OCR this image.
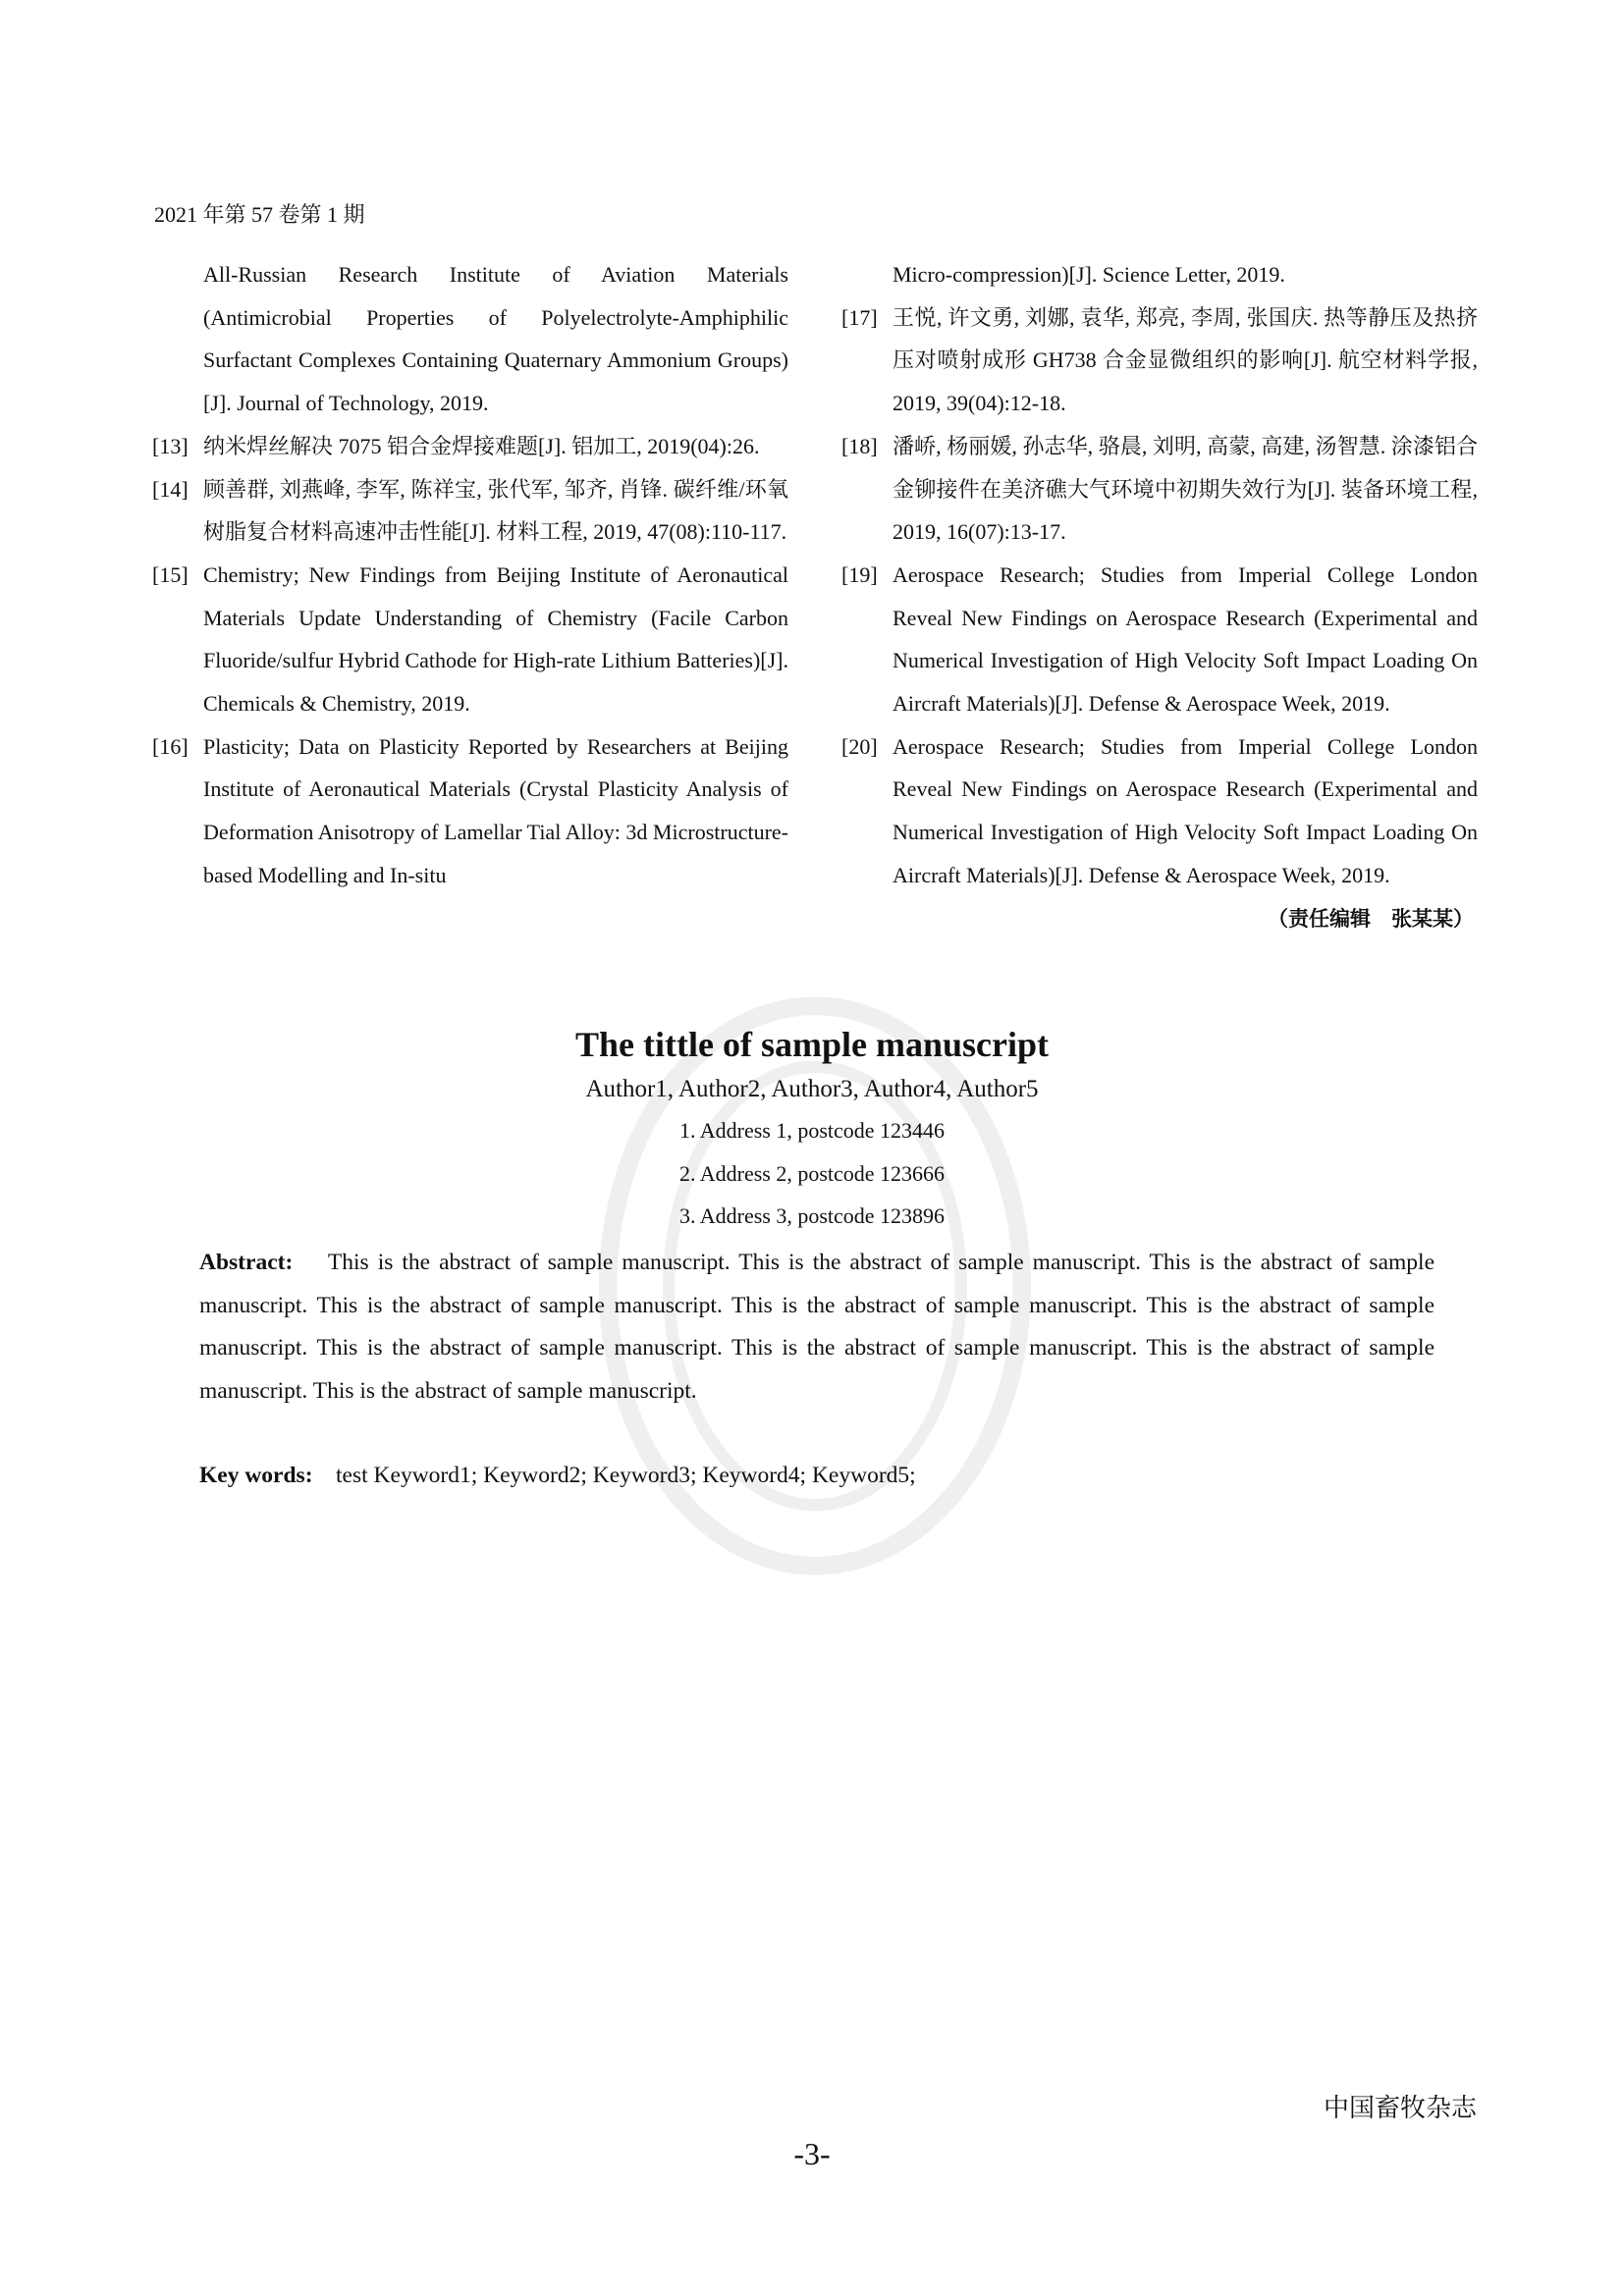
2021 年第 57 卷第 1 期
All-Russian Research Institute of Aviation Materials (Antimicrobial Properties of Polyelectrolyte-Amphiphilic Surfactant Complexes Containing Quaternary Ammonium Groups)[J]. Journal of Technology, 2019.
[13] 纳米焊丝解决 7075 铝合金焊接难题[J]. 铝加工, 2019(04):26.
[14] 顾善群, 刘燕峰, 李军, 陈祥宝, 张代军, 邹齐, 肖锋. 碳纤维/环氧树脂复合材料高速冲击性能[J]. 材料工程, 2019, 47(08):110-117.
[15] Chemistry; New Findings from Beijing Institute of Aeronautical Materials Update Understanding of Chemistry (Facile Carbon Fluoride/sulfur Hybrid Cathode for High-rate Lithium Batteries)[J]. Chemicals & Chemistry, 2019.
[16] Plasticity; Data on Plasticity Reported by Researchers at Beijing Institute of Aeronautical Materials (Crystal Plasticity Analysis of Deformation Anisotropy of Lamellar Tial Alloy: 3d Microstructure-based Modelling and In-situ
Micro-compression)[J]. Science Letter, 2019.
[17] 王悦, 许文勇, 刘娜, 袁华, 郑亮, 李周, 张国庆. 热等静压及热挤压对喷射成形 GH738 合金显微组织的影响[J]. 航空材料学报, 2019, 39(04):12-18.
[18] 潘峤, 杨丽媛, 孙志华, 骆晨, 刘明, 高蒙, 高建, 汤智慧. 涂漆铝合金铆接件在美济礁大气环境中初期失效行为[J]. 装备环境工程, 2019, 16(07):13-17.
[19] Aerospace Research; Studies from Imperial College London Reveal New Findings on Aerospace Research (Experimental and Numerical Investigation of High Velocity Soft Impact Loading On Aircraft Materials)[J]. Defense & Aerospace Week, 2019.
[20] Aerospace Research; Studies from Imperial College London Reveal New Findings on Aerospace Research (Experimental and Numerical Investigation of High Velocity Soft Impact Loading On Aircraft Materials)[J]. Defense & Aerospace Week, 2019.
（责任编辑　张某某）
The tittle of sample manuscript
Author1, Author2, Author3, Author4, Author5
1. Address 1, postcode 123446
2. Address 2, postcode 123666
3. Address 3, postcode 123896
Abstract: This is the abstract of sample manuscript. This is the abstract of sample manuscript. This is the abstract of sample manuscript. This is the abstract of sample manuscript. This is the abstract of sample manuscript. This is the abstract of sample manuscript. This is the abstract of sample manuscript. This is the abstract of sample manuscript. This is the abstract of sample manuscript. This is the abstract of sample manuscript.
Key words: test Keyword1; Keyword2; Keyword3; Keyword4; Keyword5;
中国畜牧杂志
-3-
